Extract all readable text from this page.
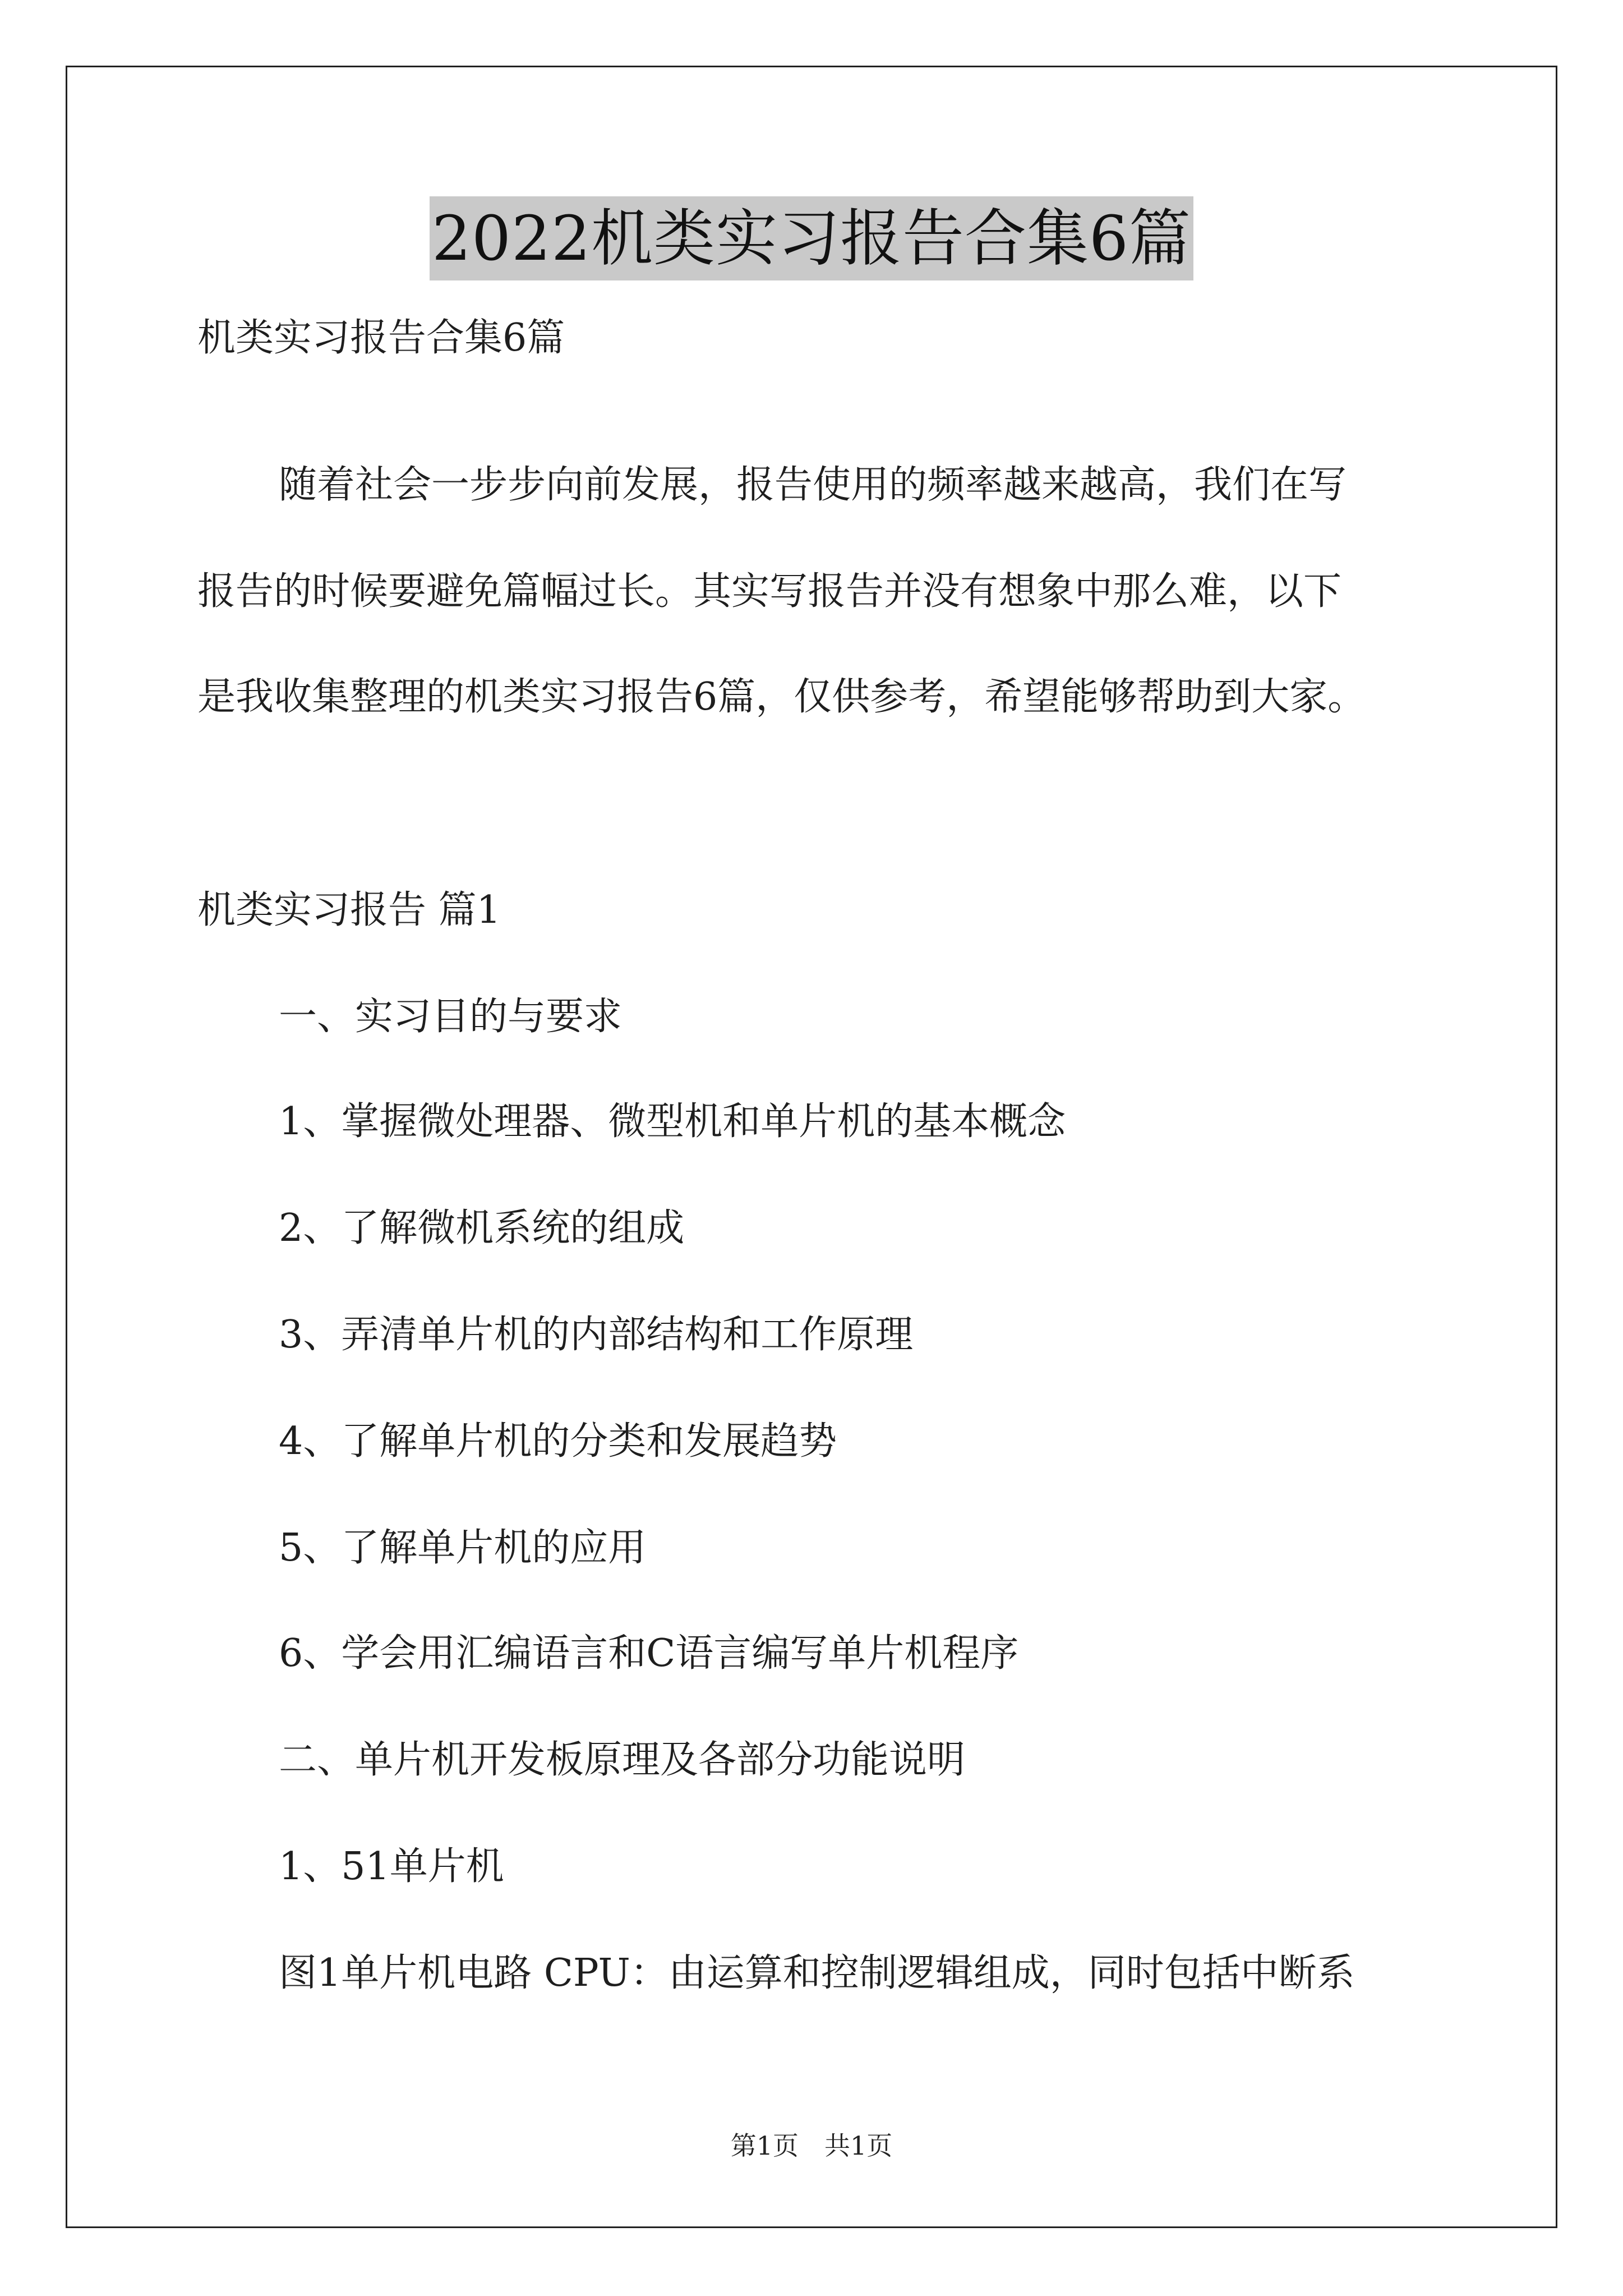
2022机类实习报告合集6篇
机类实习报告合集6篇
随着社会一步步向前发展，报告使用的频率越来越高，我们在写
报告的时候要避免篇幅过长。其实写报告并没有想象中那么难，以下
是我收集整理的机类实习报告6篇，仅供参考，希望能够帮助到大家。
机类实习报告 篇1
一、实习目的与要求
1、掌握微处理器、微型机和单片机的基本概念
2、了解微机系统的组成
3、弄清单片机的内部结构和工作原理
4、了解单片机的分类和发展趋势
5、了解单片机的应用
6、学会用汇编语言和C语言编写单片机程序
二、单片机开发板原理及各部分功能说明
1、51单片机
图1单片机电路 CPU：由运算和控制逻辑组成，同时包括中断系
第1页　共1页
